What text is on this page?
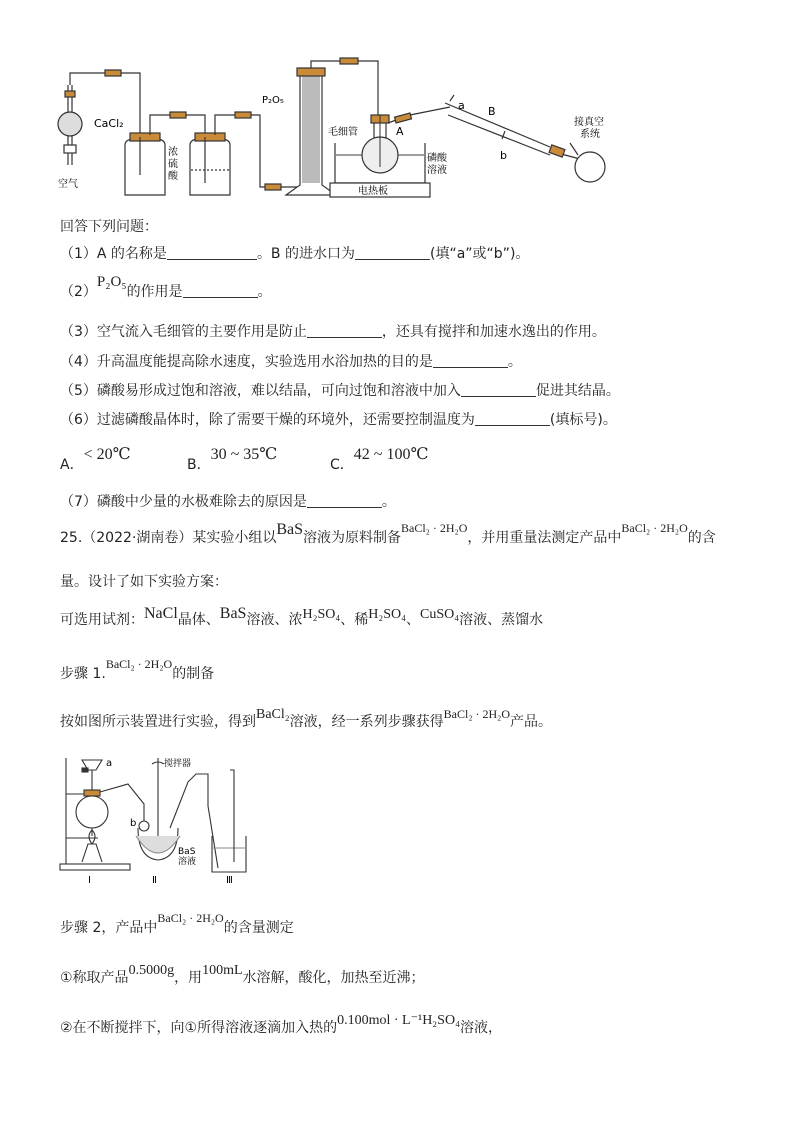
CaCl₂
空气
浓
硫
酸
P₂O₅
毛细管	A
a B
b
磷酸
溶液
电热板
接真空
系统
回答下列问题：
（1）A 的名称是	。B 的进水口为	(填“a”或“b”)。
（2）P₂O₅的作用是	。
（3）空气流入毛细管的主要作用是防止	，还具有搅拌和加速水逸出的作用。
（4）升高温度能提高除水速度，实验选用水浴加热的目的是	。
（5）磷酸易形成过饱和溶液，难以结晶，可向过饱和溶液中加入	促进其结晶。
（6）过滤磷酸晶体时，除了需要干燥的环境外，还需要控制温度为	(填标号)。
A．< 20℃
B．30 ~ 35℃
C．42 ~ 100℃
（7）磷酸中少量的水极难除去的原因是	。
25.（2022·湖南卷）某实验小组以BaS溶液为原料制备BaCl₂ · 2H₂O，并用重量法测定产品中BaCl₂ · 2H₂O的含
量。设计了如下实验方案：
可选用试剂：NaCl晶体、BaS溶液、浓H₂SO₄、稀H₂SO₄、CuSO₄溶液、蒸馏水
步骤 1.BaCl₂ · 2H₂O的制备
按如图所示装置进行实验，得到BaCl₂溶液，经一系列步骤获得BaCl₂ · 2H₂O产品。
a
b
搅拌器
BaS
溶液
I	Ⅱ	Ⅲ
步骤 2，产品中BaCl₂ · 2H₂O的含量测定
①称取产品0.5000g，用100mL水溶解，酸化，加热至近沸；
②在不断搅拌下，向①所得溶液逐滴加入热的0.100mol · L⁻¹H₂SO₄溶液，
